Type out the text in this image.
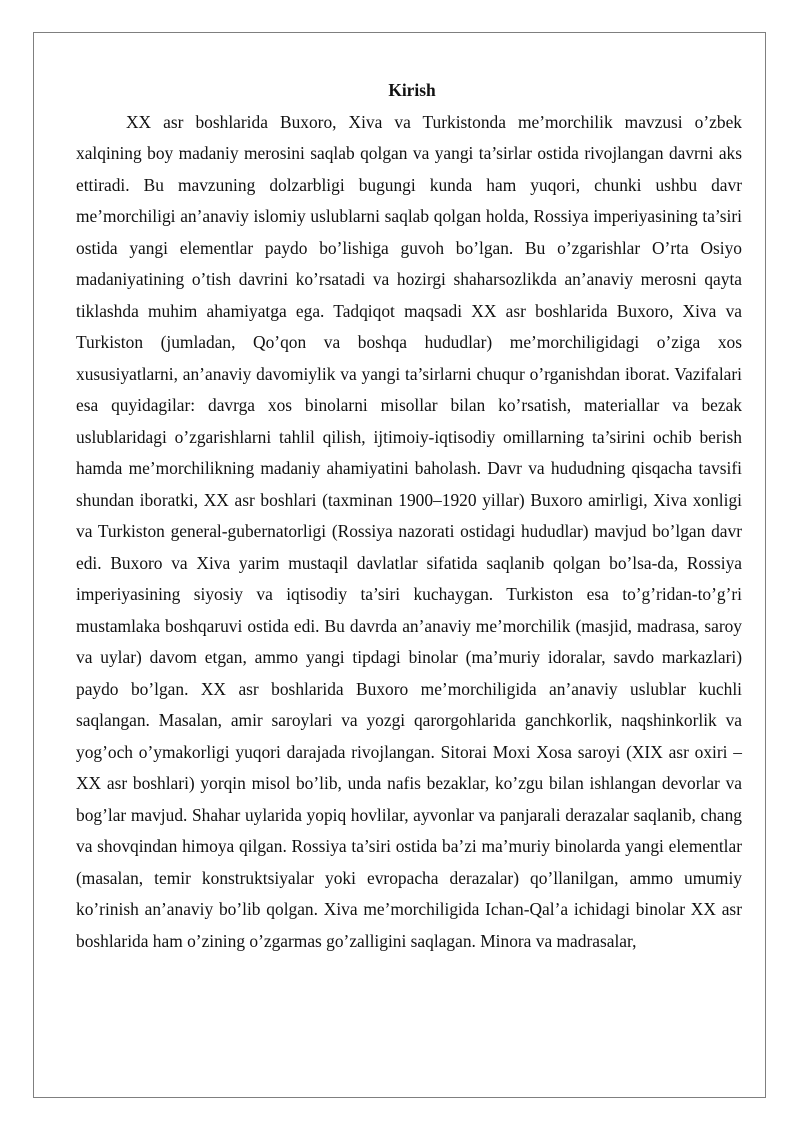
Kirish

XX asr boshlarida Buxoro, Xiva va Turkistonda me’morchilik mavzusi o’zbek xalqining boy madaniy merosini saqlab qolgan va yangi ta’sirlar ostida rivojlangan davrni aks ettiradi. Bu mavzuning dolzarbligi bugungi kunda ham yuqori, chunki ushbu davr me’morchiligi an’anaviy islomiy uslublarni saqlab qolgan holda, Rossiya imperiyasining ta’siri ostida yangi elementlar paydo bo’lishiga guvoh bo’lgan. Bu o’zgarishlar O’rta Osiyo madaniyatining o’tish davrini ko’rsatadi va hozirgi shaharsozlikda an’anaviy merosni qayta tiklashda muhim ahamiyatga ega. Tadqiqot maqsadi XX asr boshlarida Buxoro, Xiva va Turkiston (jumladan, Qo’qon va boshqa hududlar) me’morchiligidagi o’ziga xos xususiyatlarni, an’anaviy davomiylik va yangi ta’sirlarni chuqur o’rganishdan iborat. Vazifalari esa quyidagilar: davrga xos binolarni misollar bilan ko’rsatish, materiallar va bezak uslublaridagi o’zgarishlarni tahlil qilish, ijtimoiy-iqtisodiy omillarning ta’sirini ochib berish hamda me’morchilikning madaniy ahamiyatini baholash. Davr va hududning qisqacha tavsifi shundan iboratki, XX asr boshlari (taxminan 1900–1920 yillar) Buxoro amirligi, Xiva xonligi va Turkiston general-gubernatorligi (Rossiya nazorati ostidagi hududlar) mavjud bo’lgan davr edi. Buxoro va Xiva yarim mustaqil davlatlar sifatida saqlanib qolgan bo’lsa-da, Rossiya imperiyasining siyosiy va iqtisodiy ta’siri kuchaygan. Turkiston esa to’g’ridan-to’g’ri mustamlaka boshqaruvi ostida edi. Bu davrda an’anaviy me’morchilik (masjid, madrasa, saroy va uylar) davom etgan, ammo yangi tipdagi binolar (ma’muriy idoralar, savdo markazlari) paydo bo’lgan. XX asr boshlarida Buxoro me’morchiligida an’anaviy uslublar kuchli saqlangan. Masalan, amir saroylari va yozgi qarorgohlarida ganchkorlik, naqshinkorlik va yog’och o’ymakorligi yuqori darajada rivojlangan. Sitorai Moxi Xosa saroyi (XIX asr oxiri – XX asr boshlari) yorqin misol bo’lib, unda nafis bezaklar, ko’zgu bilan ishlangan devorlar va bog’lar mavjud. Shahar uylarida yopiq hovlilar, ayvonlar va panjarali derazalar saqlanib, chang va shovqindan himoya qilgan. Rossiya ta’siri ostida ba’zi ma’muriy binolarda yangi elementlar (masalan, temir konstruktsiyalar yoki evropacha derazalar) qo’llanilgan, ammo umumiy ko’rinish an’anaviy bo’lib qolgan. Xiva me’morchiligida Ichan-Qal’a ichidagi binolar XX asr boshlarida ham o’zining o’zgarmas go’zalligini saqlagan. Minora va madrasalar,
